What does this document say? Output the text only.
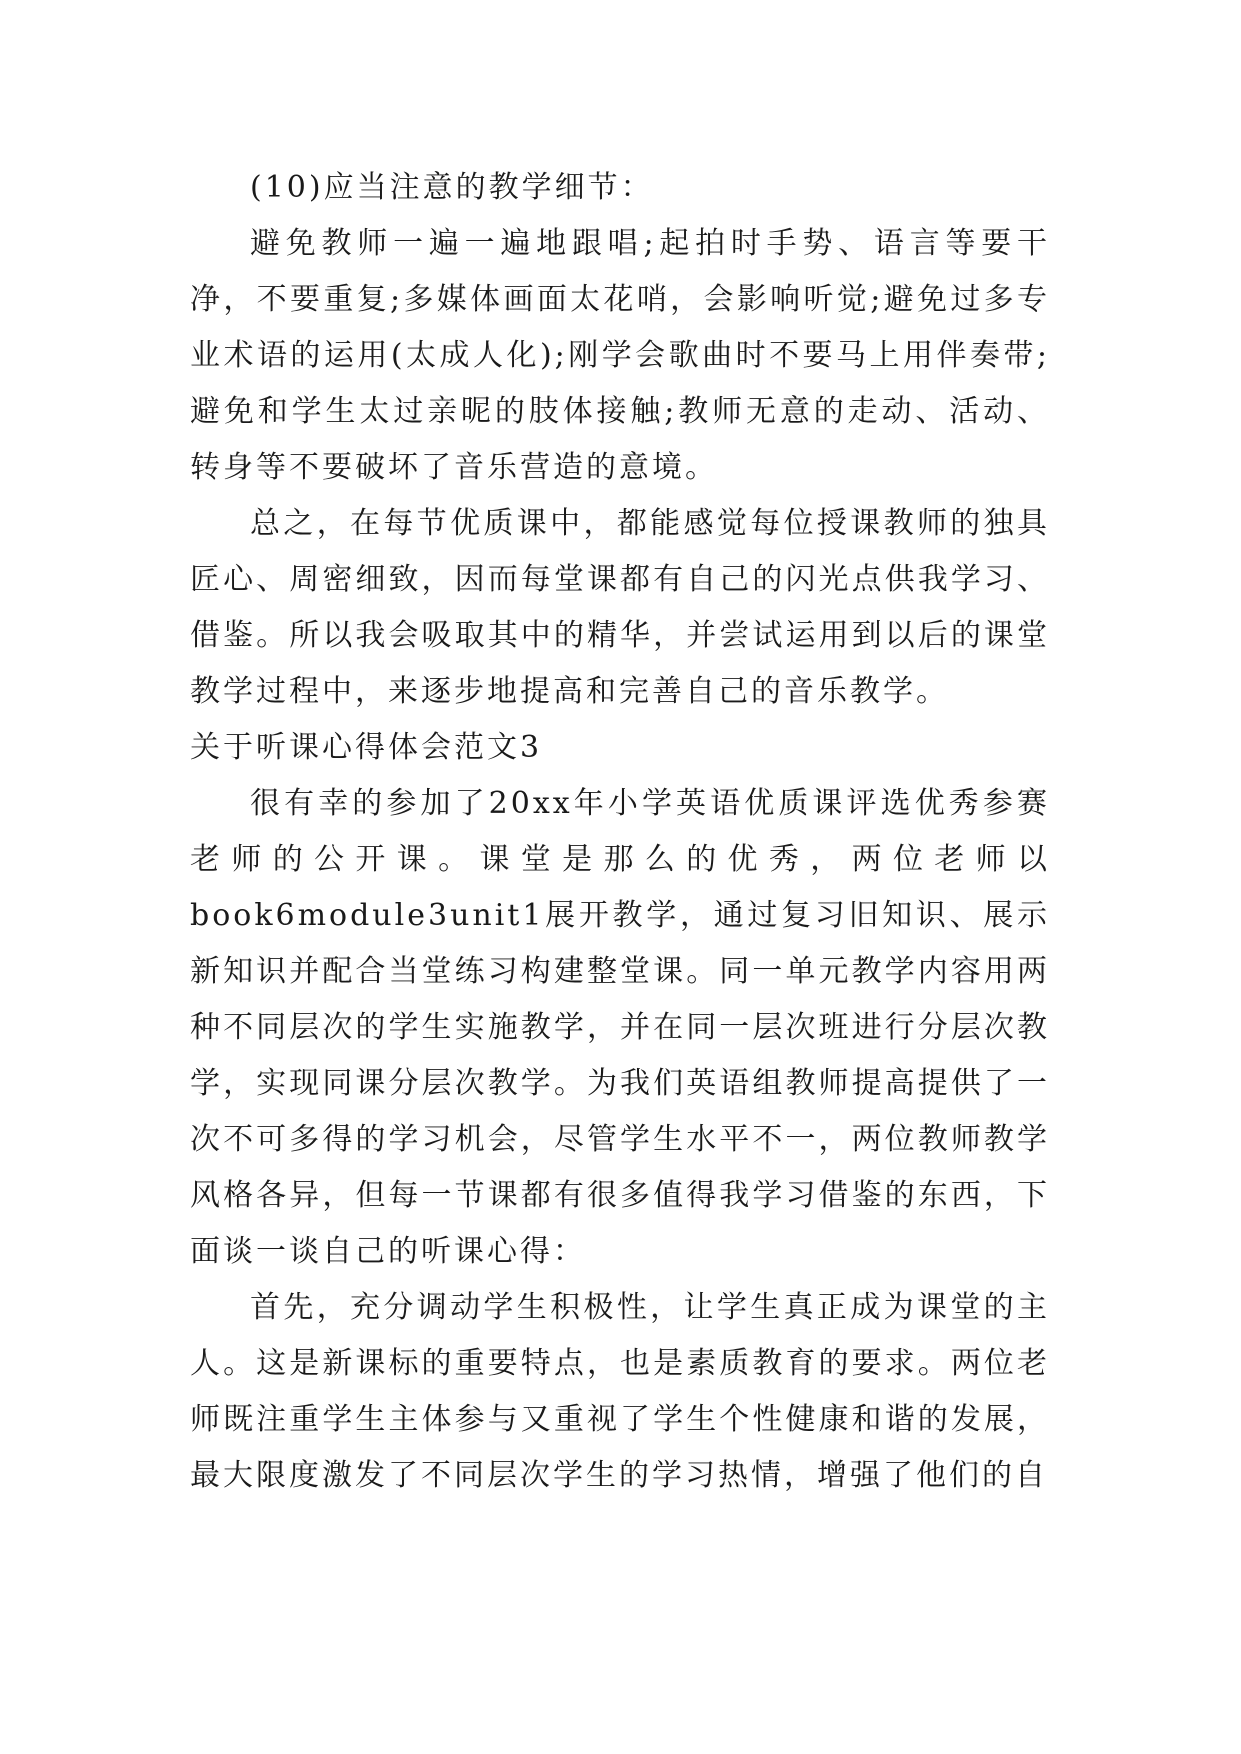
(10)应当注意的教学细节：

避免教师一遍一遍地跟唱;起拍时手势、语言等要干净，不要重复;多媒体画面太花哨，会影响听觉;避免过多专业术语的运用(太成人化);刚学会歌曲时不要马上用伴奏带;避免和学生太过亲昵的肢体接触;教师无意的走动、活动、转身等不要破坏了音乐营造的意境。

总之，在每节优质课中，都能感觉每位授课教师的独具匠心、周密细致，因而每堂课都有自己的闪光点供我学习、借鉴。所以我会吸取其中的精华，并尝试运用到以后的课堂教学过程中，来逐步地提高和完善自己的音乐教学。

关于听课心得体会范文3

很有幸的参加了20xx年小学英语优质课评选优秀参赛老师的公开课。课堂是那么的优秀，两位老师以book6module3unit1展开教学，通过复习旧知识、展示新知识并配合当堂练习构建整堂课。同一单元教学内容用两种不同层次的学生实施教学，并在同一层次班进行分层次教学，实现同课分层次教学。为我们英语组教师提高提供了一次不可多得的学习机会，尽管学生水平不一，两位教师教学风格各异，但每一节课都有很多值得我学习借鉴的东西，下面谈一谈自己的听课心得：

首先，充分调动学生积极性，让学生真正成为课堂的主人。这是新课标的重要特点，也是素质教育的要求。两位老师既注重学生主体参与又重视了学生个性健康和谐的发展，最大限度激发了不同层次学生的学习热情，增强了他们的自
